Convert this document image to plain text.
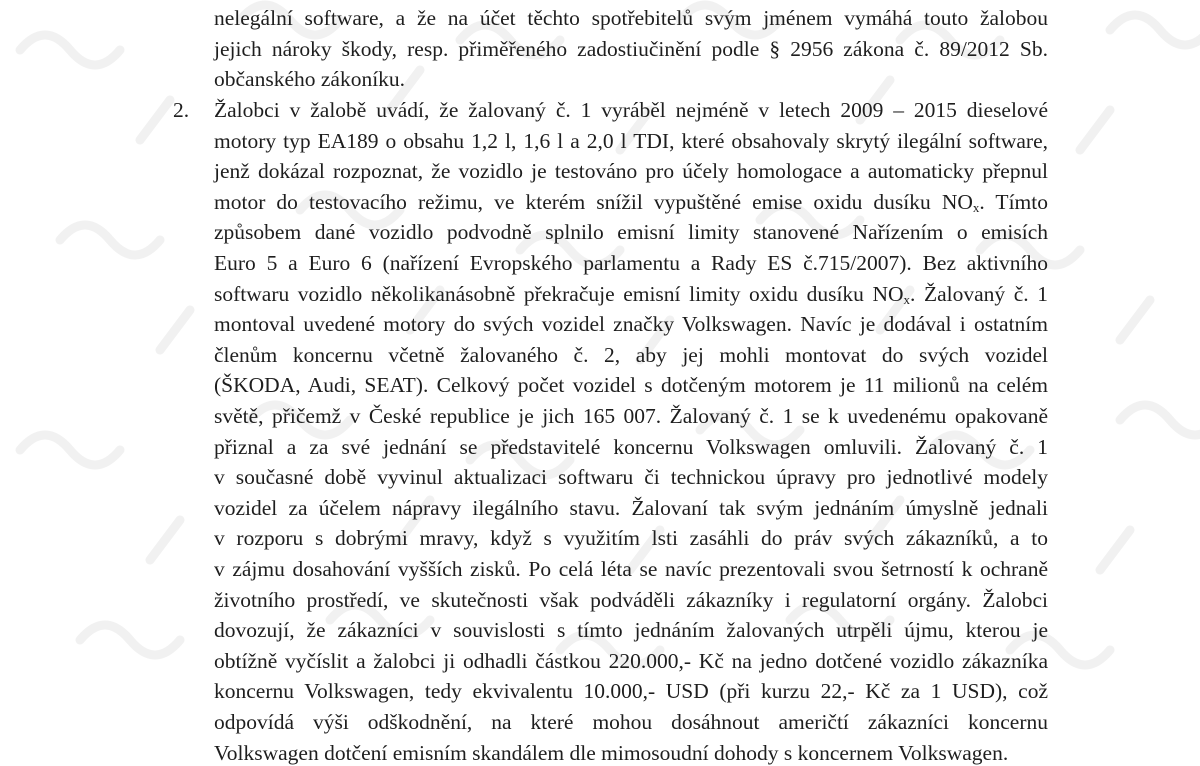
nelegální software, a že na účet těchto spotřebitelů svým jménem vymáhá touto žalobou
jejich nároky škody, resp. přiměřeného zadostiučinění podle § 2956 zákona č. 89/2012 Sb.
občanského zákoníku.
2. Žalobci v žalobě uvádí, že žalovaný č. 1 vyráběl nejméně v letech 2009 – 2015 dieselové
motory typ EA189 o obsahu 1,2 l, 1,6 l a 2,0 l TDI, které obsahovaly skrytý ilegální software,
jenž dokázal rozpoznat, že vozidlo je testováno pro účely homologace a automaticky přepnul
motor do testovacího režimu, ve kterém snížil vypuštěné emise oxidu dusíku $NO_x$. Tímto
způsobem dané vozidlo podvodně splnilo emisní limity stanovené Nařízením o emisích
Euro 5 a Euro 6 (nařízení Evropského parlamentu a Rady ES č.715/2007). Bez aktivního
softwaru vozidlo několikanásobně překračuje emisní limity oxidu dusíku $NO_x$. Žalovaný č. 1
montoval uvedené motory do svých vozidel značky Volkswagen. Navíc je dodával i ostatním
členům koncernu včetně žalovaného č. 2, aby jej mohli montovat do svých vozidel
(ŠKODA, Audi, SEAT). Celkový počet vozidel s dotčeným motorem je 11 milionů na celém
světě, přičemž v České republice je jich 165 007. Žalovaný č. 1 se k uvedenému opakovaně
přiznal a za své jednání se představitelé koncernu Volkswagen omluvili. Žalovaný č. 1
v současné době vyvinul aktualizaci softwaru či technickou úpravy pro jednotlivé modely
vozidel za účelem nápravy ilegálního stavu. Žalovaní tak svým jednáním úmyslně jednali
v rozporu s dobrými mravy, když s využitím lsti zasáhli do práv svých zákazníků, a to
v zájmu dosahování vyšších zisků. Po celá léta se navíc prezentovali svou šetrností k ochraně
životního prostředí, ve skutečnosti však podváděli zákazníky i regulatorní orgány. Žalobci
dovozují, že zákazníci v souvislosti s tímto jednáním žalovaných utrpěli újmu, kterou je
obtížně vyčíslit a žalobci ji odhadli částkou 220.000,- Kč na jedno dotčené vozidlo zákazníka
koncernu Volkswagen, tedy ekvivalentu 10.000,- USD (při kurzu 22,- Kč za 1 USD), což
odpovídá výši odškodnění, na které mohou dosáhnout američtí zákazníci koncernu
Volkswagen dotčení emisním skandálem dle mimosoudní dohody s koncernem Volkswagen.
